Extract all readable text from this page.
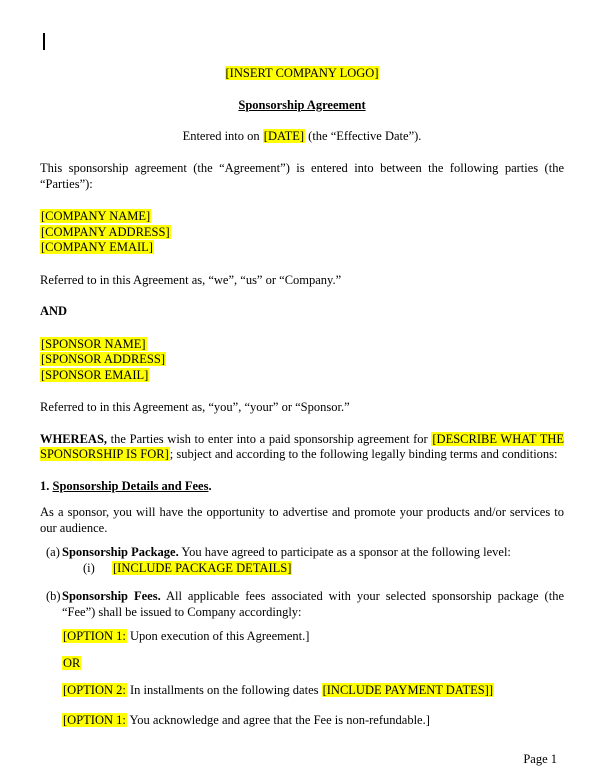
[INSERT COMPANY LOGO]

Sponsorship Agreement

Entered into on [DATE] (the “Effective Date”).

This sponsorship agreement (the “Agreement”) is entered into between the following parties (the “Parties”):

[COMPANY NAME]
[COMPANY ADDRESS]
[COMPANY EMAIL]

Referred to in this Agreement as, “we”, “us” or “Company.”

AND

[SPONSOR NAME]
[SPONSOR ADDRESS]
[SPONSOR EMAIL]

Referred to in this Agreement as, “you”, “your” or “Sponsor.”

WHEREAS, the Parties wish to enter into a paid sponsorship agreement for [DESCRIBE WHAT THE SPONSORSHIP IS FOR]; subject and according to the following legally binding terms and conditions:

1. Sponsorship Details and Fees.

As a sponsor, you will have the opportunity to advertise and promote your products and/or services to our audience.

(a) Sponsorship Package. You have agreed to participate as a sponsor at the following level:
(i) [INCLUDE PACKAGE DETAILS]
(b) Sponsorship Fees. All applicable fees associated with your selected sponsorship package (the “Fee”) shall be issued to Company accordingly:

[OPTION 1: Upon execution of this Agreement.]

OR

[OPTION 2: In installments on the following dates [INCLUDE PAYMENT DATES]]

[OPTION 1: You acknowledge and agree that the Fee is non-refundable.]

Page 1
